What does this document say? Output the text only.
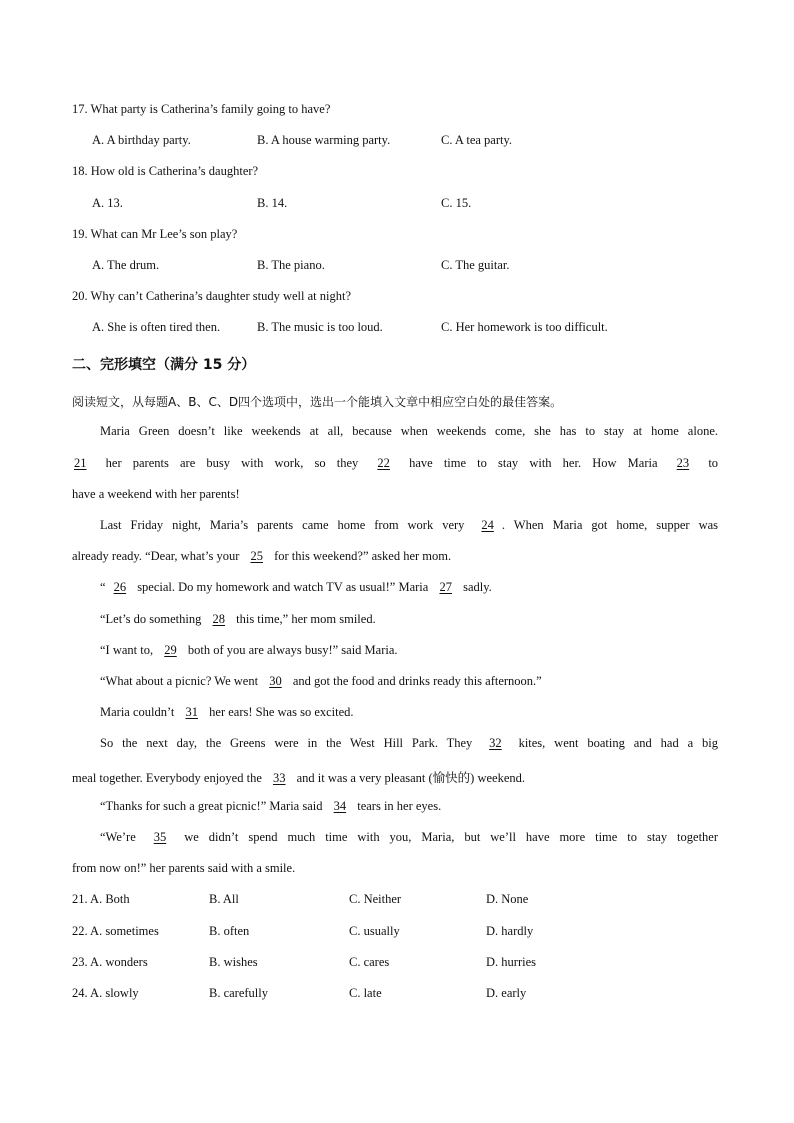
17. What party is Catherina’s family going to have?
A. A birthday party.	B. A house warming party.	C. A tea party.
18. How old is Catherina’s daughter?
A. 13.	B. 14.	C. 15.
19. What can Mr Lee’s son play?
A. The drum.	B. The piano.	C. The guitar.
20. Why can’t Catherina’s daughter study well at night?
A. She is often tired then.	B. The music is too loud.	C. Her homework is too difficult.
二、完形填空（满分 15 分）
阅读短文，从每题A、B、C、D四个选项中，选出一个能填入文章中相应空白处的最佳答案。
Maria Green doesn’t like weekends at all, because when weekends come, she has to stay at home alone.
21 her parents are busy with work, so they 22 have time to stay with her. How Maria 23 to
have a weekend with her parents!
Last Friday night, Maria’s parents came home from work very 24 . When Maria got home, supper was
already ready. “Dear, what’s your 25 for this weekend?” asked her mom.
“ 26 special. Do my homework and watch TV as usual!” Maria 27 sadly.
“Let’s do something 28 this time,” her mom smiled.
“I want to, 29 both of you are always busy!” said Maria.
“What about a picnic? We went 30 and got the food and drinks ready this afternoon.”
Maria couldn’t 31 her ears! She was so excited.
So the next day, the Greens were in the West Hill Park. They 32 kites, went boating and had a big
meal together. Everybody enjoyed the 33 and it was a very pleasant (愉快的) weekend.
“Thanks for such a great picnic!” Maria said 34 tears in her eyes.
“We’re 35 we didn’t spend much time with you, Maria, but we’ll have more time to stay together
from now on!” her parents said with a smile.
21. A. Both	B. All	C. Neither	D. None
22. A. sometimes	B. often	C. usually	D. hardly
23. A. wonders	B. wishes	C. cares	D. hurries
24. A. slowly	B. carefully	C. late	D. early
